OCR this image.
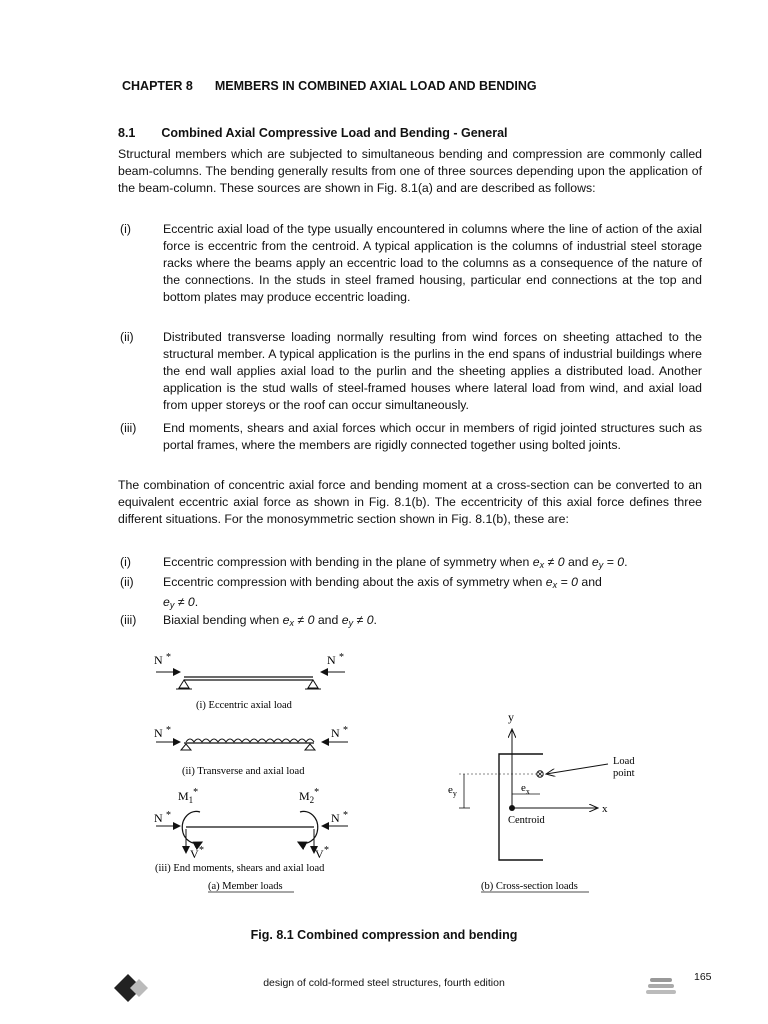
CHAPTER 8 MEMBERS IN COMBINED AXIAL LOAD AND BENDING
8.1 Combined Axial Compressive Load and Bending - General
Structural members which are subjected to simultaneous bending and compression are commonly called beam-columns. The bending generally results from one of three sources depending upon the application of the beam-column. These sources are shown in Fig. 8.1(a) and are described as follows:
(i)	Eccentric axial load of the type usually encountered in columns where the line of action of the axial force is eccentric from the centroid. A typical application is the columns of industrial steel storage racks where the beams apply an eccentric load to the columns as a consequence of the nature of the connections. In the studs in steel framed housing, particular end connections at the top and bottom plates may produce eccentric loading.
(ii) Distributed transverse loading normally resulting from wind forces on sheeting attached to the structural member. A typical application is the purlins in the end spans of industrial buildings where the end wall applies axial load to the purlin and the sheeting applies a distributed load. Another application is the stud walls of steel-framed houses where lateral load from wind, and axial load from upper storeys or the roof can occur simultaneously.
(iii) End moments, shears and axial forces which occur in members of rigid jointed structures such as portal frames, where the members are rigidly connected together using bolted joints.
The combination of concentric axial force and bending moment at a cross-section can be converted to an equivalent eccentric axial force as shown in Fig. 8.1(b). The eccentricity of this axial force defines three different situations. For the monosymmetric section shown in Fig. 8.1(b), these are:
(i)	Eccentric compression with bending in the plane of symmetry when $e_x \ne 0$ and $e_y = 0$.
(ii) Eccentric compression with bending about the axis of symmetry when $e_x = 0$ and
$e_y \ne 0$.
(iii) Biaxial bending when $e_x \ne 0$ and $e_y \ne 0$.
N *	N *
(i) Eccentric axial load
N *	N *
(ii) Transverse and axial load
$M_1^*$	$M_2^*$
N *	N *
V *	V *
(iii) End moments, shears and axial load
(a) Member loads
y
x
Load
point
$e_x$
$e_y$
Centroid
(b) Cross-section loads
Fig. 8.1 Combined compression and bending
design of cold-formed steel structures, fourth edition	165
